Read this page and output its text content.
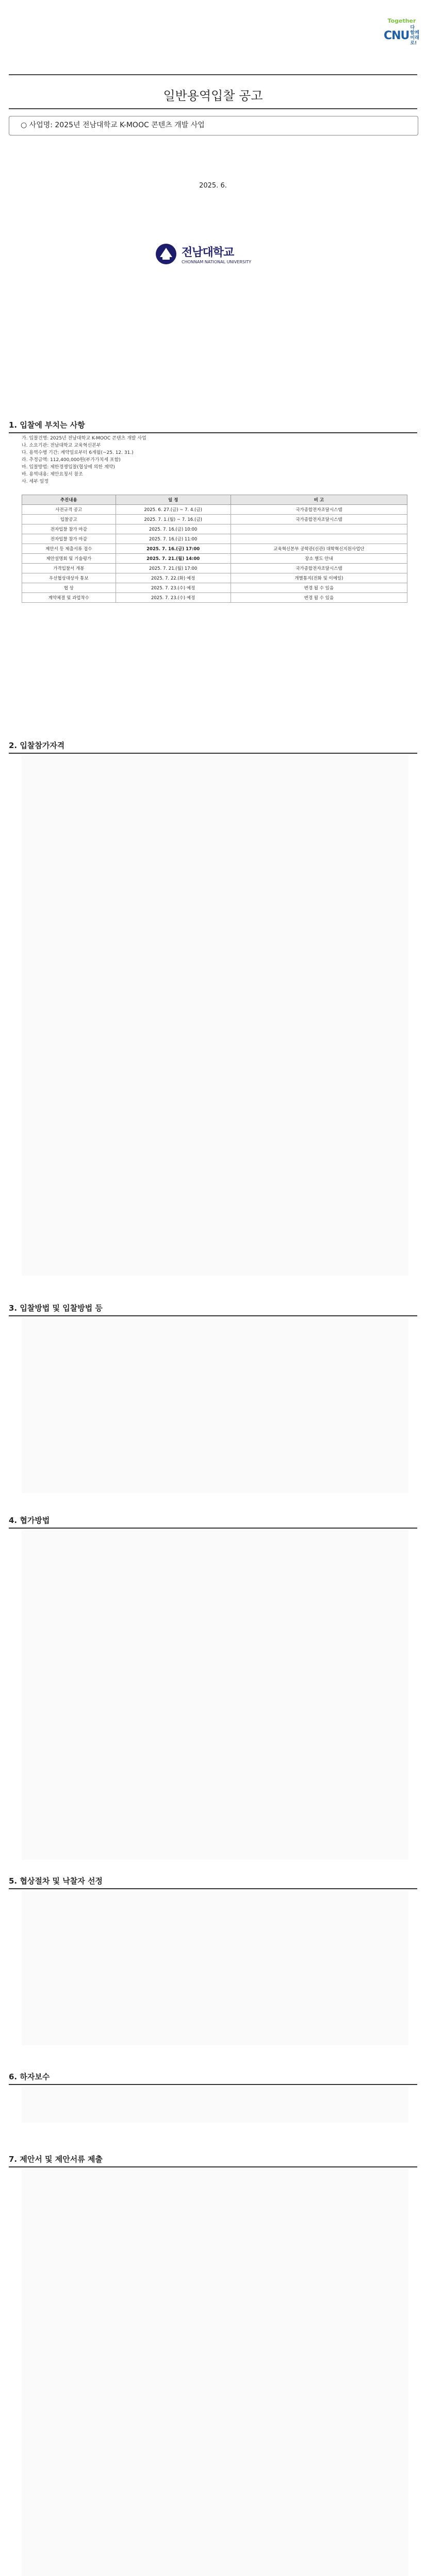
Together
CNU
다 함께
미래로!
일반용역입찰 공고
○ 사업명: 2025년 전남대학교 K-MOOC 콘텐츠 개발 사업
2025. 6.
전남대학교
CHONNAM NATIONAL UNIVERSITY
1. 입찰에 부치는 사항

가. 입찰건명: 2025년 전남대학교 K-MOOC 콘텐츠 개발 사업

나. 소요기관: 전남대학교 교육혁신본부

다. 용역수행 기간: 계약일로부터 6개월(~25. 12. 31.)

라. 추정금액: 112,400,000원(부가가치세 포함)

마. 입찰방법: 제한경쟁입찰(협상에 의한 계약)

바. 용역내용: 제안요청서 참조

사. 세부 일정

추진내용	일 정	비 고
사전규격 공고	2025. 6. 27.(금) ~ 7. 4.(금)	국가종합전자조달시스템
입찰공고	2025. 7. 1.(월) ~ 7. 16.(금)	국가종합전자조달시스템
전자입찰 참가 마감	2025. 7. 16.(금) 10:00	
전자입찰 참가 마감	2025. 7. 16.(금) 11:00	
제안서 등 제출서류 접수	2025. 7. 16.(금) 17:00	교육혁신본부 공학관(신관) 대학혁신지원사업단
제안설명회 및 기술평가	2025. 7. 21.(월) 14:00	장소 별도 안내
가격입찰서 개봉	2025. 7. 21.(월) 17:00	국가종합전자조달시스템
우선협상대상자 통보	2025. 7. 22.(화) 예정	개별통지(전화 및 이메일)
협 상	2025. 7. 23.(수) 예정	변경 될 수 있음
계약체결 및 과업착수	2025. 7. 23.(수) 예정	변경 될 수 있음
2. 입찰참가자격
3. 입찰방법 및 입찰방법 등
4. 협가방법
5. 협상절차 및 낙찰자 선정
6. 하자보수
7. 제안서 및 제안서류 제출
